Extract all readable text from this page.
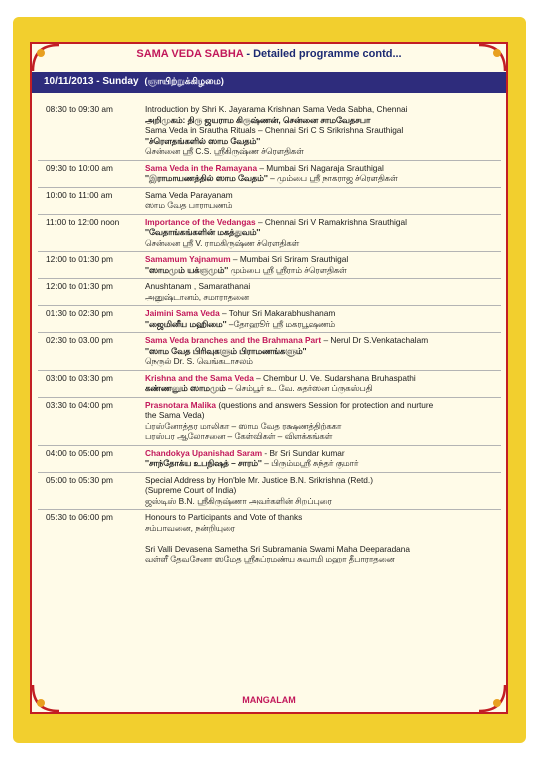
SAMA VEDA SABHA - Detailed programme contd...
10/11/2013 - Sunday (ஞாயிற்றுக்கிழமை)
08:30 to 09:30 am	Introduction by Shri K. Jayarama Krishnan Sama Veda Sabha, Chennai
அறிமுகம்: திரு ஜயராம கிருஷ்ணன், சென்னை சாமவேதசபா
Sama Veda in Srautha Rituals – Chennai Sri C S Srikrishna Srauthigal
''ச்ரௌதங்களில் ஸாம வேதம்''
சென்னை ஸ்ரீ C.S. ஸ்ரீகிருஷ்ண ச்ரௌதிகள்

09:30 to 10:00 am	Sama Veda in the Ramayana – Mumbai Sri Nagaraja Srauthigal
''இராமாயணத்தில் ஸாம வேதம்'' – மும்பை ஸ்ரீ நாகராஜ ச்ரௌதிகள்

10:00 to 11:00 am	Sama Veda Parayanam
ஸாம வேத பாராயணம்

11:00 to 12:00 noon	Importance of the Vedangas – Chennai Sri V Ramakrishna Srauthigal
''வேதாங்கங்களின் மகத்துவம்''
சென்னை ஸ்ரீ V. ராமகிருஷ்ண ச்ரௌதிகள்

12:00 to 01:30 pm	Samamum Yajnamum – Mumbai Sri Sriram Srauthigal
''ஸாமமும் யக்ஞமும்'' மும்பை ஸ்ரீ ஸ்ரீராம் ச்ரௌதிகள்

12:00 to 01:30 pm	Anushtanam , Samarathanai
அனுஷ்டானம், சமாராதனை

01:30 to 02:30 pm	Jaimini Sama Veda – Tohur Sri Makarabhushanam
''ஜைமினீய மஹிமை'' –தோஹூர் ஸ்ரீ மகரபூஷணம்

02:30 to 03.00 pm	Sama Veda branches and the Brahmana Part – Nerul Dr S.Venkatachalam
''ஸாம வேத பிரிவுகளும் பிராமணங்களும்''
நெருல் Dr. S. வெங்கடாசலம்

03:00 to 03:30 pm	Krishna and the Sama Veda – Chembur U. Ve. Sudarshana Bruhaspathi
கண்ணனும் ஸாமமும் – செம்பூர் உ. வே. சுதர்ஸன ப்ருகஸ்பதி

03:30 to 04:00 pm	Prasnotara Malika (questions and answers Session for protection and nurture
the Sama Veda)
ப்ரஸ்னோத்தர மாலிகா – ஸாம வேத ரக்ஷணத்திற்ககா
பரஸ்பர ஆலோசனை – கேள்விகள் – விளக்கங்கள்

04:00 to 05:00 pm	Chandokya Upanishad Saram - Br Sri Sundar kumar
''சாந்தோக்ய உபநிஷத் – சாரம்'' – பிரும்மஸ்ரீ சுந்தர் குமார்

05:00 to 05:30 pm	Special Address by Hon'ble Mr. Justice B.N. Srikrishna (Retd.)
(Supreme Court of India)
ஜஸ்டிஸ் B.N. ஸ்ரீகிருஷ்ணா அவர்களின் சிறப்புரை

05:30 to 06:00 pm	Honours to Participants and Vote of thanks
சம்பாவனை, நன்றியுரை

Sri Valli Devasena Sametha Sri Subramania Swami Maha Deeparadana
வள்ளீ தேவசேனா ஸமேத ஸ்ரீசுப்ரமண்ய சுவாமி மஹா தீபாராதனை
MANGALAM
